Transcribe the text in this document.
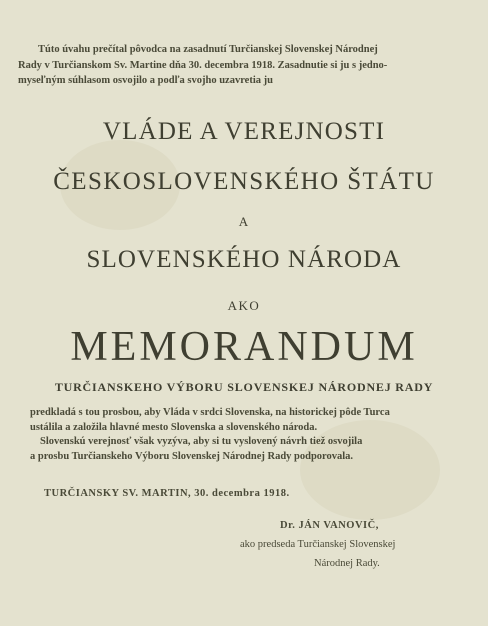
Túto úvahu prečítal pôvodca na zasadnutí Turčianskej Slovenskej Národnej

Rady v Turčianskom Sv. Martine dňa 30. decembra 1918. Zasadnutie si ju s jedno-

myseľným súhlasom osvojilo a podľa svojho uzavretia ju

VLÁDE A VEREJNOSTI
ČESKOSLOVENSKÉHO ŠTÁTU
A
SLOVENSKÉHO NÁRODA
AKO
MEMORANDUM
TURČIANSKEHO VÝBORU SLOVENSKEJ NÁRODNEJ RADY

predkladá s tou prosbou, aby Vláda v srdci Slovenska, na historickej pôde Turca

ustálila a založila hlavné mesto Slovenska a slovenského národa.

Slovenskú verejnosť však vyzýva, aby si tu vyslovený návrh tiež osvojila

a prosbu Turčianskeho Výboru Slovenskej Národnej Rady podporovala.

TURČIANSKY SV. MARTIN, 30. decembra 1918.
Dr. JÁN VANOVIČ,
ako predseda Turčianskej Slovenskej
Národnej Rady.
